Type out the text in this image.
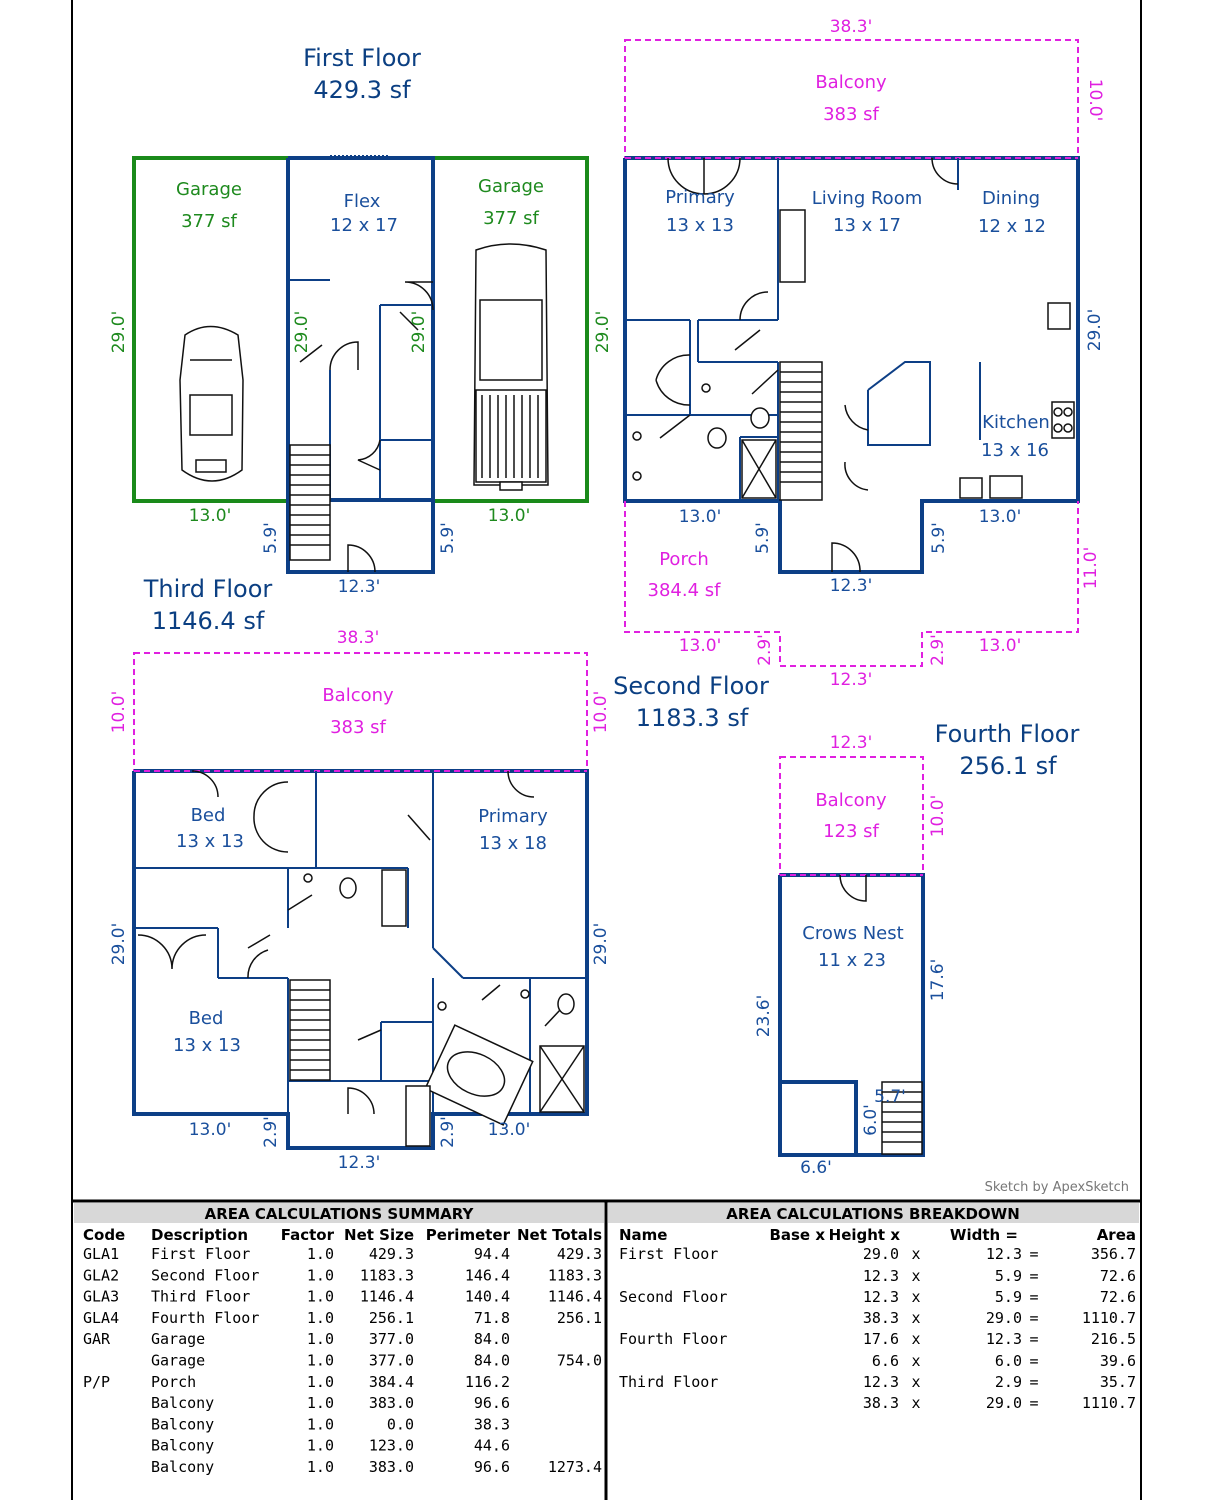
First Floor
429.3 sf
Garage
377 sf
Garage
377 sf
Flex
12 x 17
29.0'	29.0'
29.0'	29.0'
13.0'	13.0'
5.9'	5.9'
12.3'
38.3'
10.0'
Balcony
383 sf
Primary
13 x 13
Living Room
13 x 17
Dining
12 x 12
Kitchen
13 x 16
Porch
384.4 sf
29.0'
13.0'	13.0'
5.9'	5.9'
12.3'	11.0'
13.0'	13.0'
2.9'	2.9'
12.3'
Second Floor
1183.3 sf
Third Floor
1146.4 sf
38.3'
10.0'	10.0'
Balcony
383 sf
Bed
13 x 13
Primary
13 x 18
Bed
13 x 13
29.0'	29.0'
13.0'	13.0'
2.9'	2.9'
12.3'
Fourth Floor
256.1 sf
12.3'
10.0'
Balcony
123 sf
Crows Nest
11 x 23
23.6'
17.6'
5.7'
6.0'
6.6'
Sketch by ApexSketch
AREA CALCULATIONS SUMMARY
Code Description Factor Net Size Perimeter Net Totals
GLA1 First Floor	1.0 429.3	94.4	429.3
GLA2 Second Floor	1.0 1183.3	146.4	1183.3
GLA3 Third Floor	1.0 1146.4	140.4	1146.4
GLA4 Fourth Floor	1.0 256.1	71.8	256.1
GAR	Garage	1.0 377.0	84.0
Garage	1.0 377.0	84.0	754.0
P/P	Porch	1.0 384.4	116.2
Balcony	1.0 383.0	96.6
Balcony	1.0	0.0	38.3
Balcony	1.0 123.0	44.6
Balcony	1.0 383.0	96.6	1273.4
AREA CALCULATIONS BREAKDOWN
Name	Base x Height x	Width =	Area
First Floor	29.0 x	12.3 =	356.7
12.3 x	5.9 =	72.6
Second Floor	12.3 x	5.9 =	72.6
38.3 x	29.0 =	1110.7
Fourth Floor	17.6 x	12.3 =	216.5
6.6 x	6.0 =	39.6
Third Floor	12.3 x	2.9 =	35.7
38.3 x	29.0 =	1110.7
